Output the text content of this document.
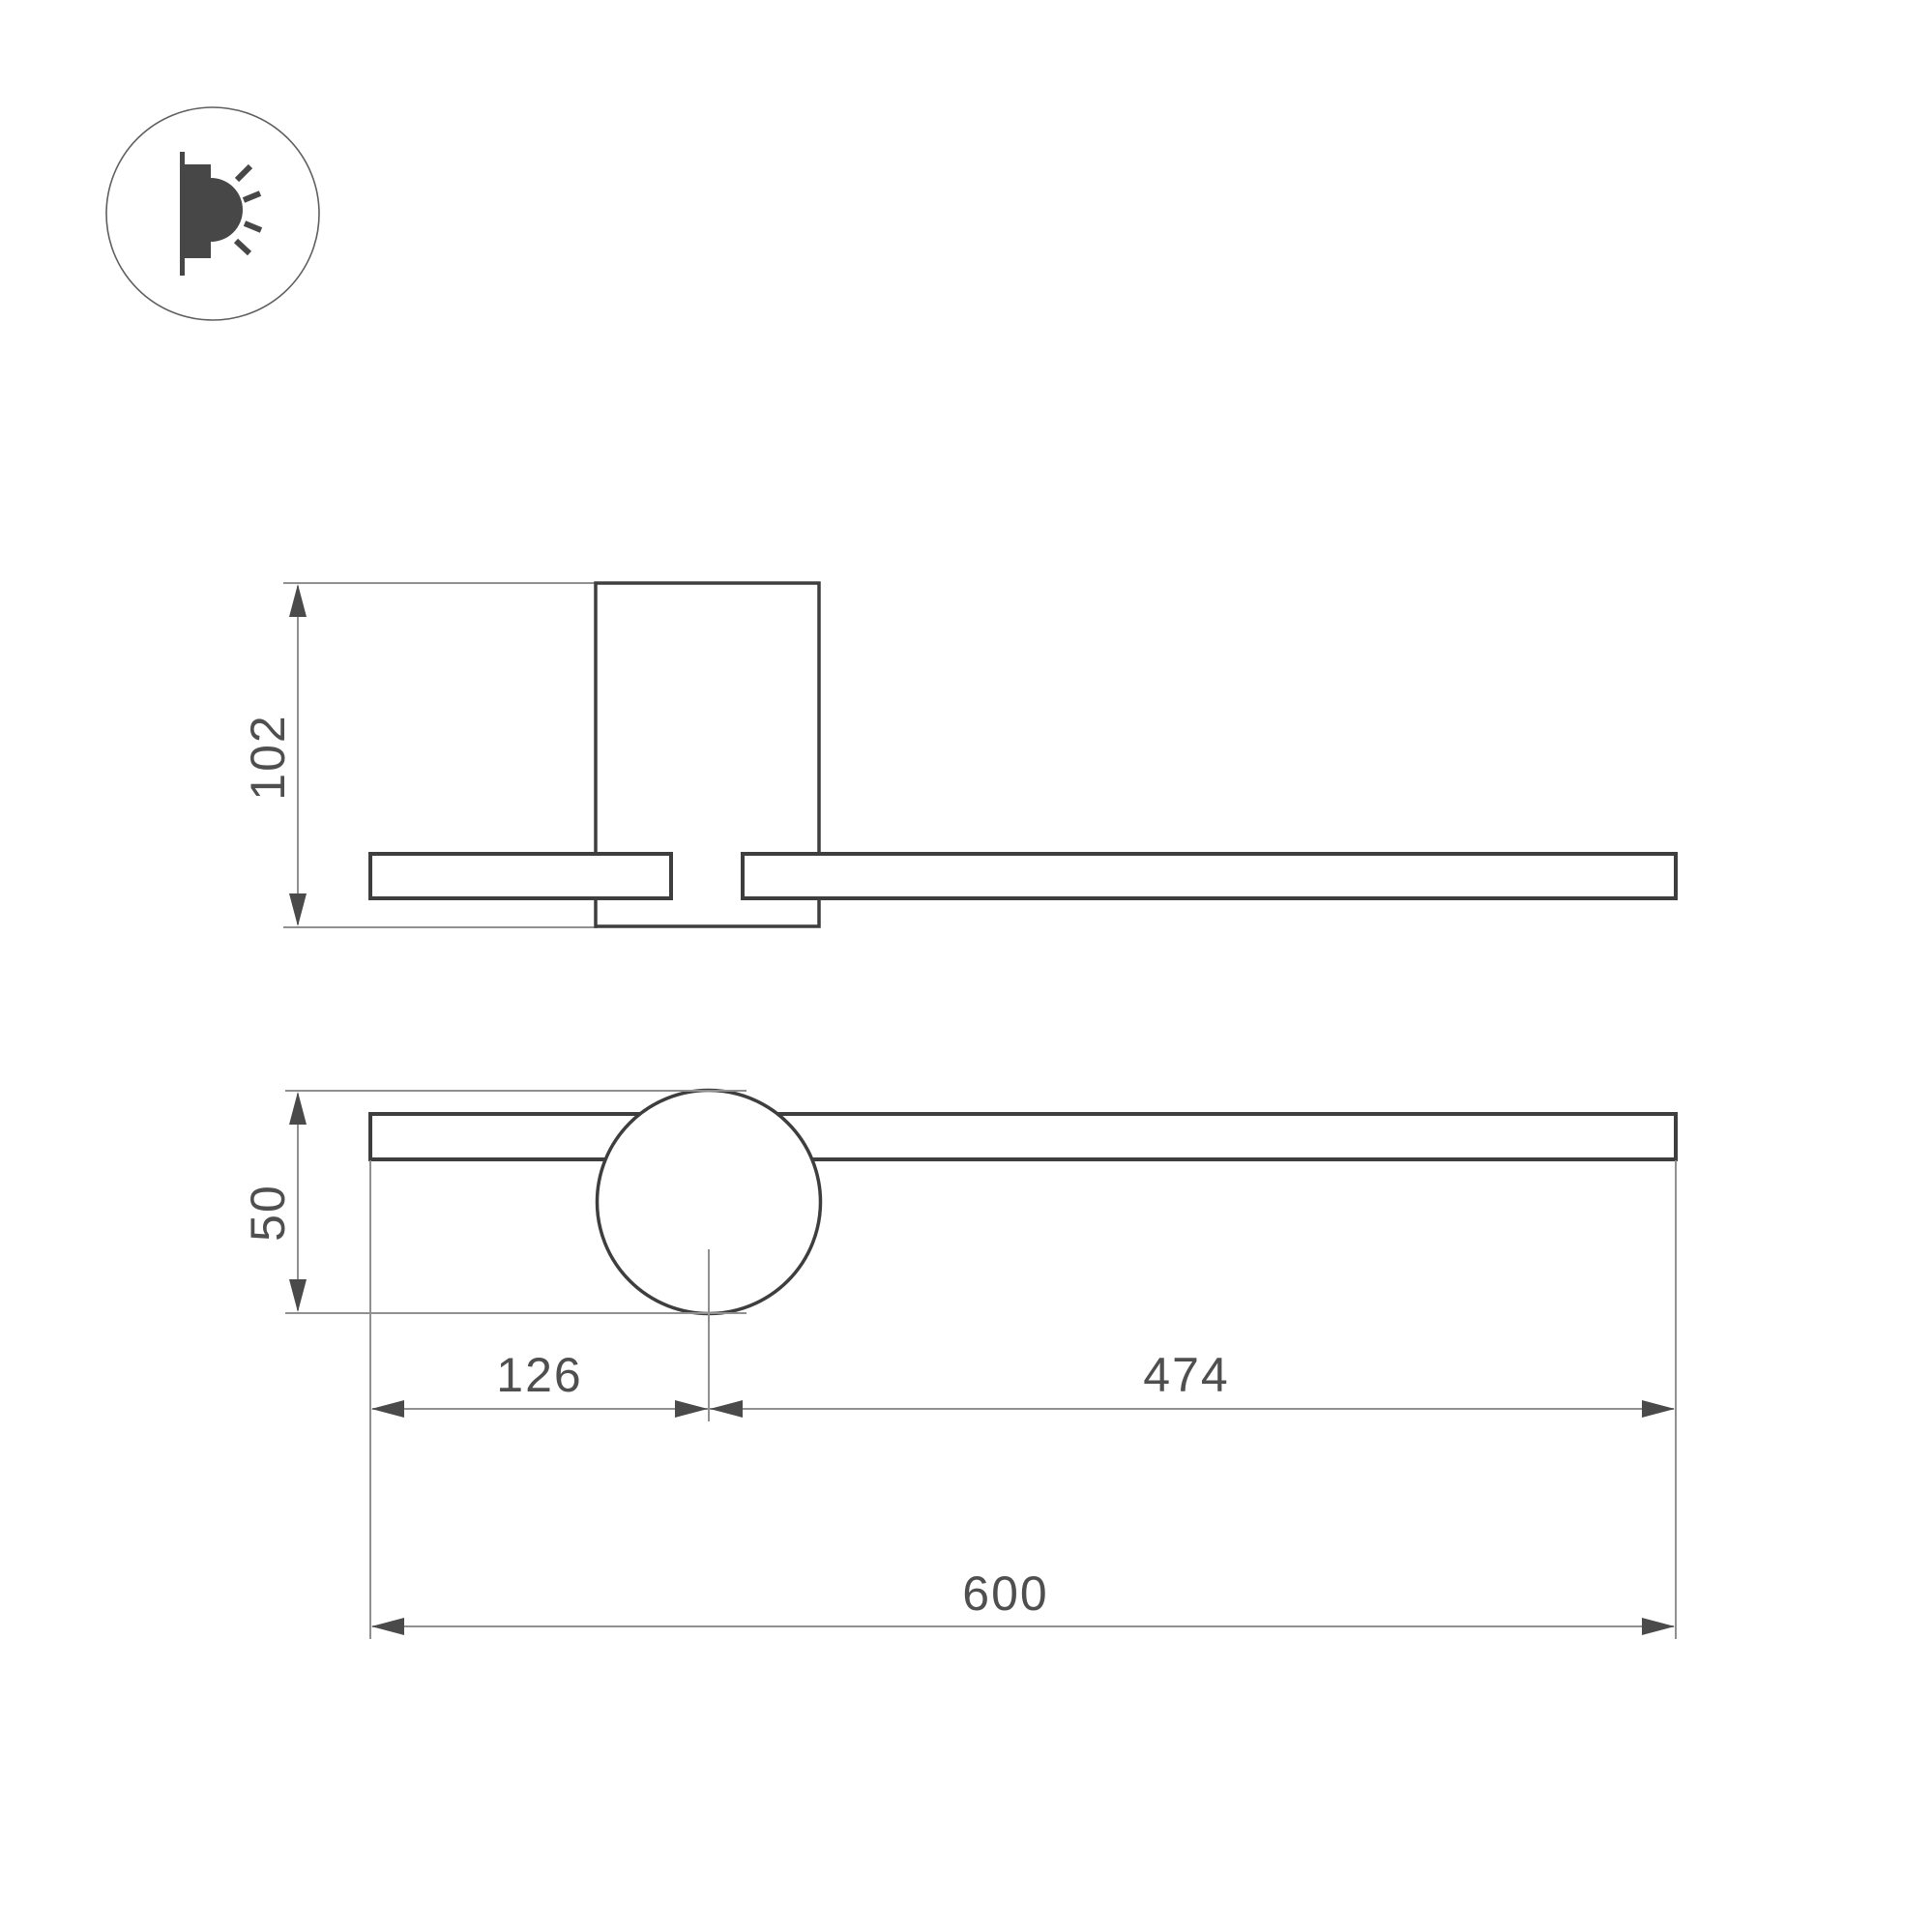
102
50
126	474
600
